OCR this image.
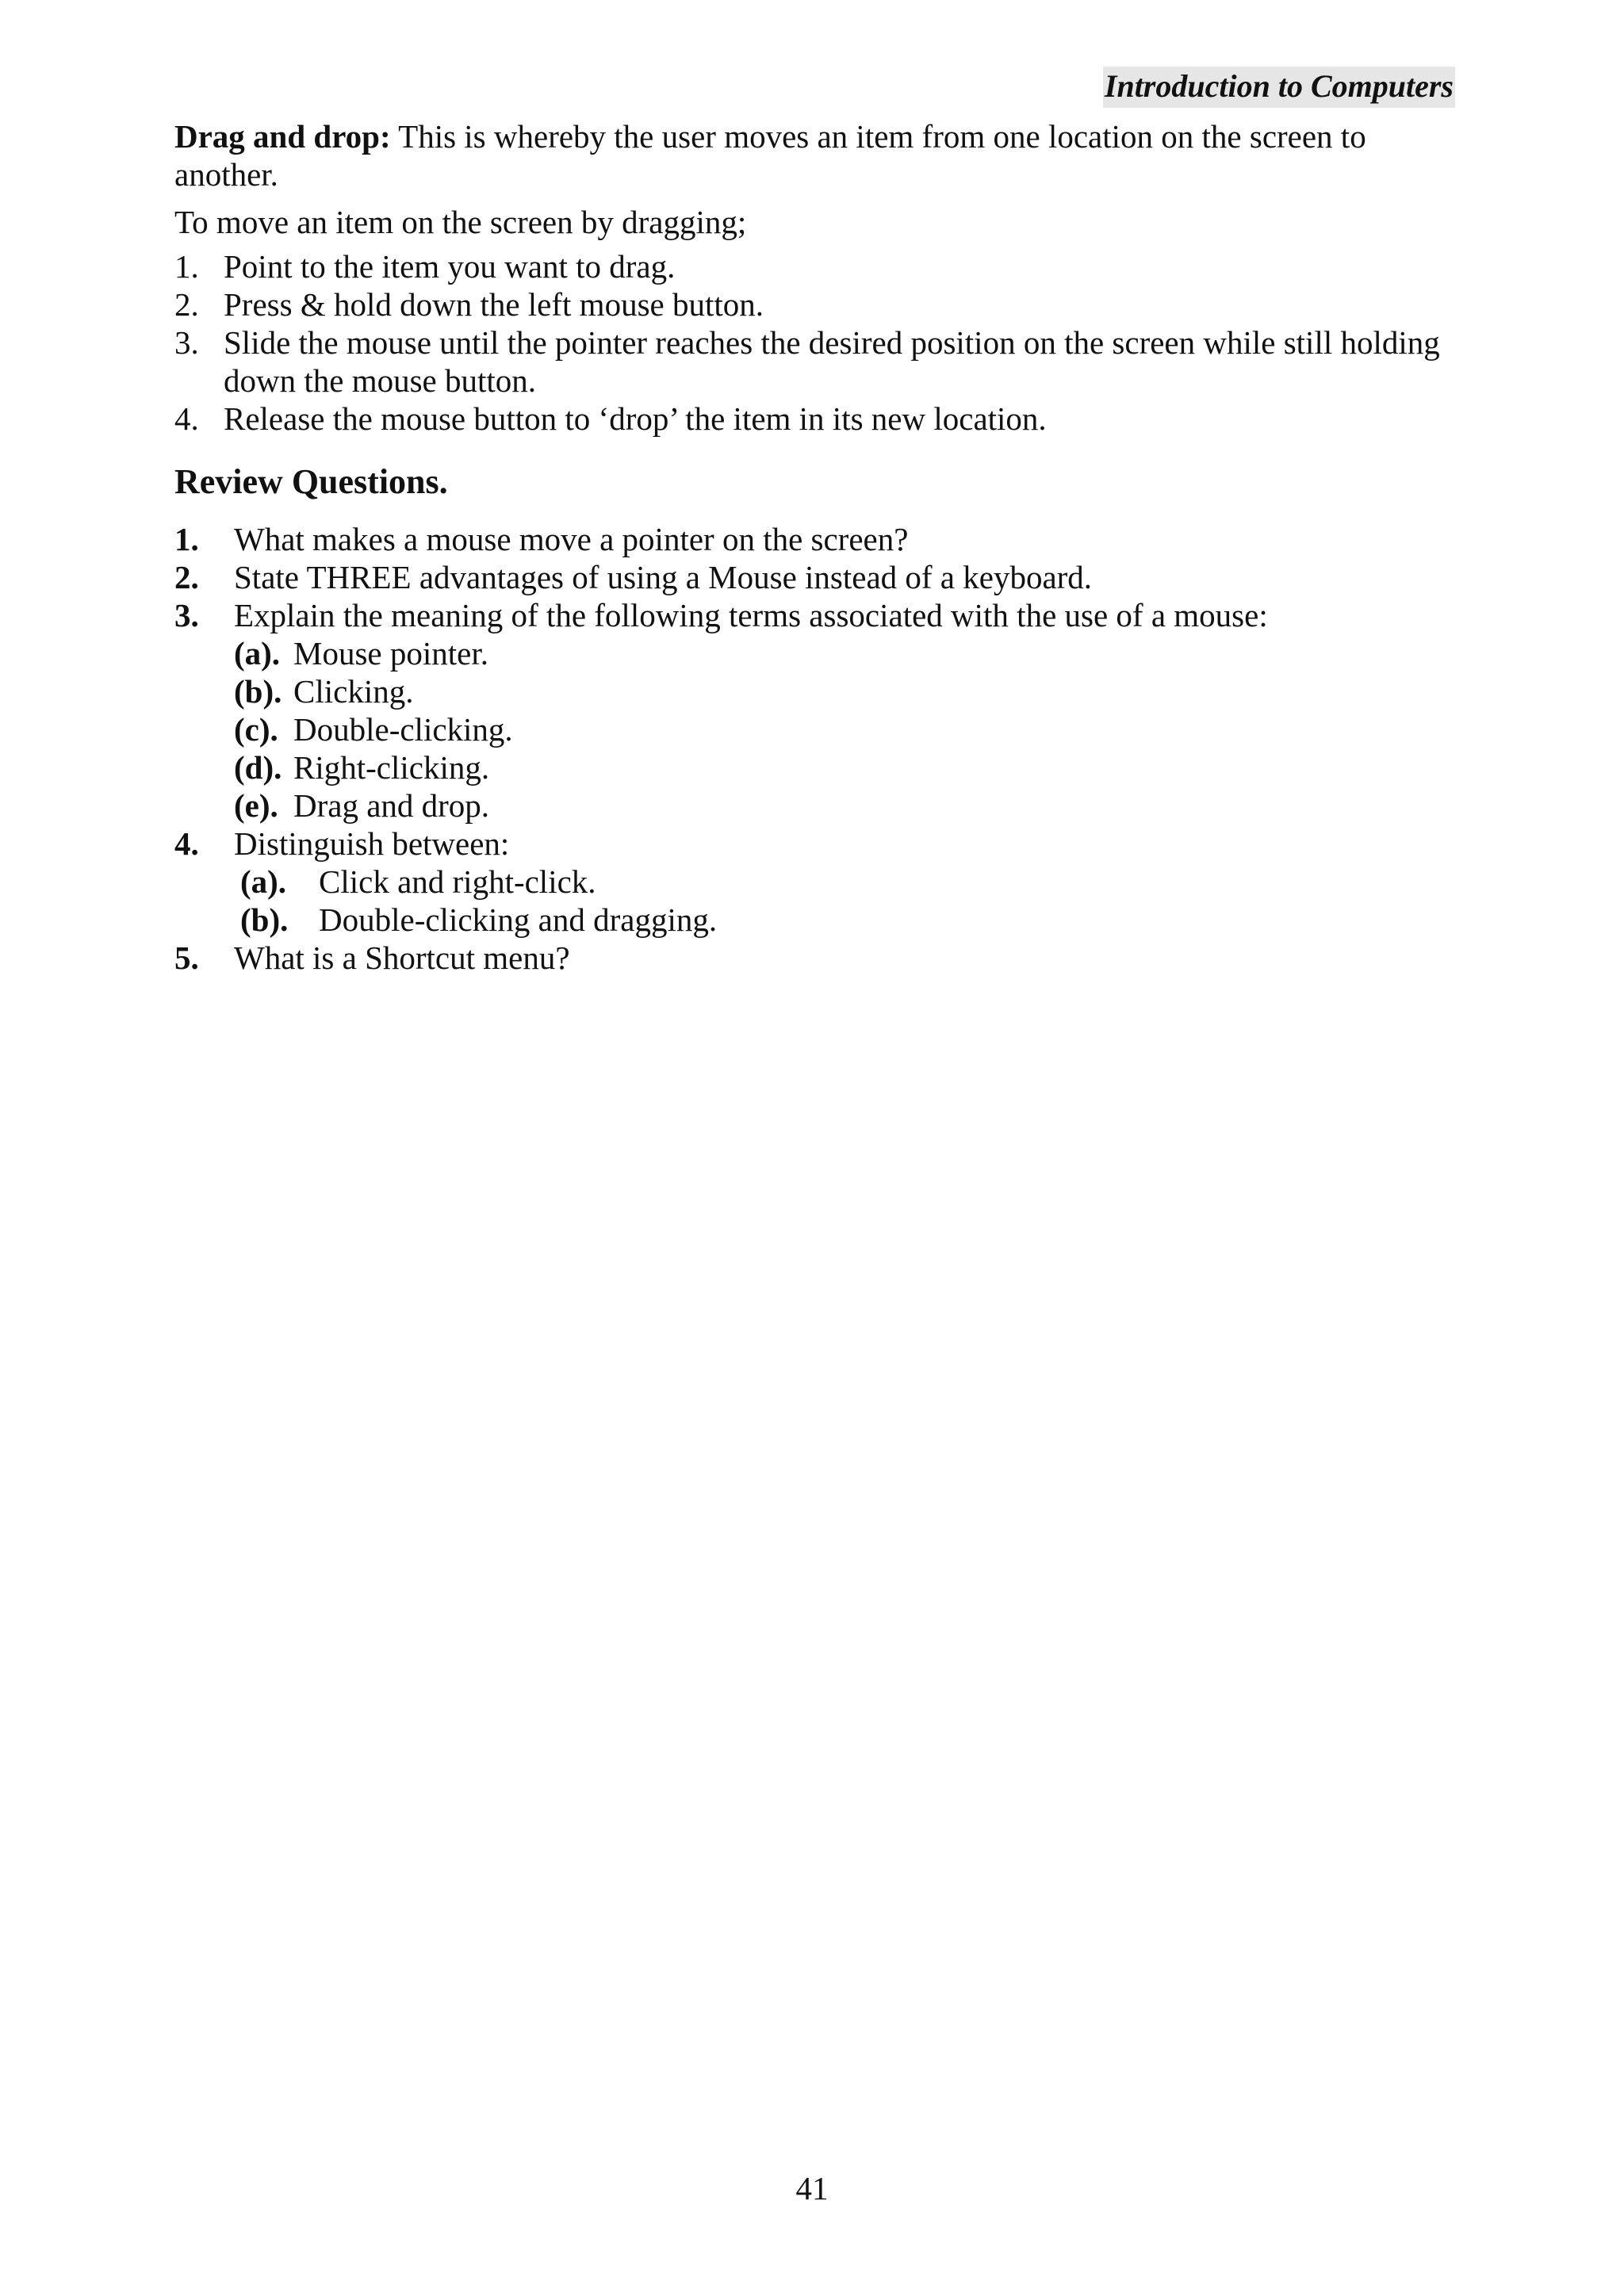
Introduction to Computers

Drag and drop: This is whereby the user moves an item from one location on the screen to another.

To move an item on the screen by dragging;

1. Point to the item you want to drag.
2. Press & hold down the left mouse button.
3. Slide the mouse until the pointer reaches the desired position on the screen while still holding down the mouse button.
4. Release the mouse button to ‘drop’ the item in its new location.
Review Questions.
1.	What makes a mouse move a pointer on the screen?
2.	State THREE advantages of using a Mouse instead of a keyboard.
3.	Explain the meaning of the following terms associated with the use of a mouse:
(a). Mouse pointer.
(b). Clicking.
(c). Double-clicking.
(d). Right-clicking.
(e). Drag and drop.
4.	Distinguish between:
(a). Click and right-click.
(b). Double-clicking and dragging.
5.	What is a Shortcut menu?
41
